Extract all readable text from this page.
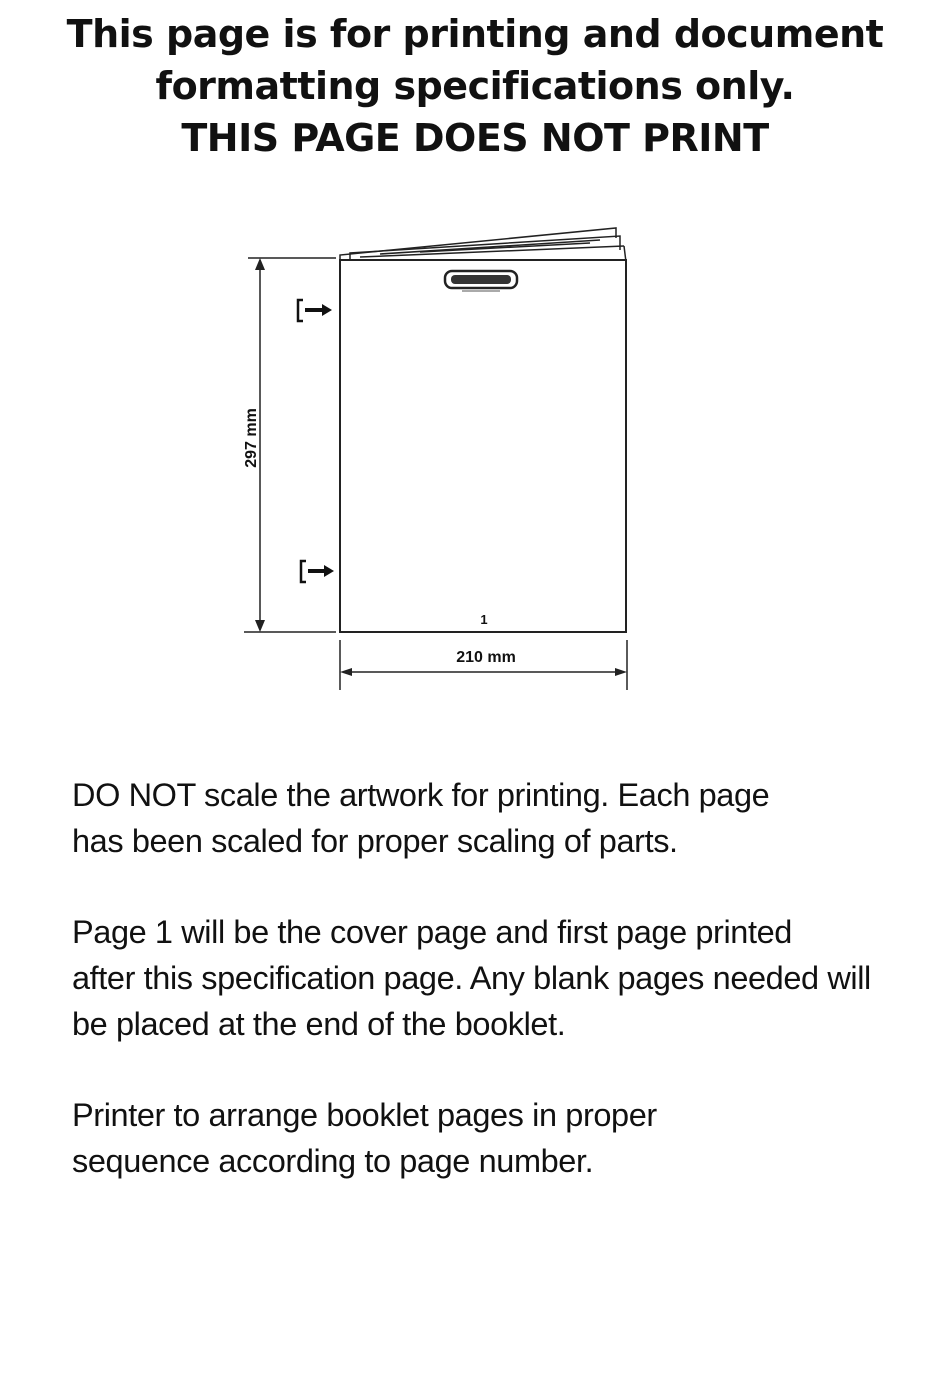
This page is for printing and document
formatting specifications only.
THIS PAGE DOES NOT PRINT
1
297 mm
210 mm

DO NOT scale the artwork for printing. Each page
has been scaled for proper scaling of parts.

Page 1 will be the cover page and first page printed
after this specification page. Any blank pages needed will
be placed at the end of the booklet.

Printer to arrange booklet pages in proper
sequence according to page number.
